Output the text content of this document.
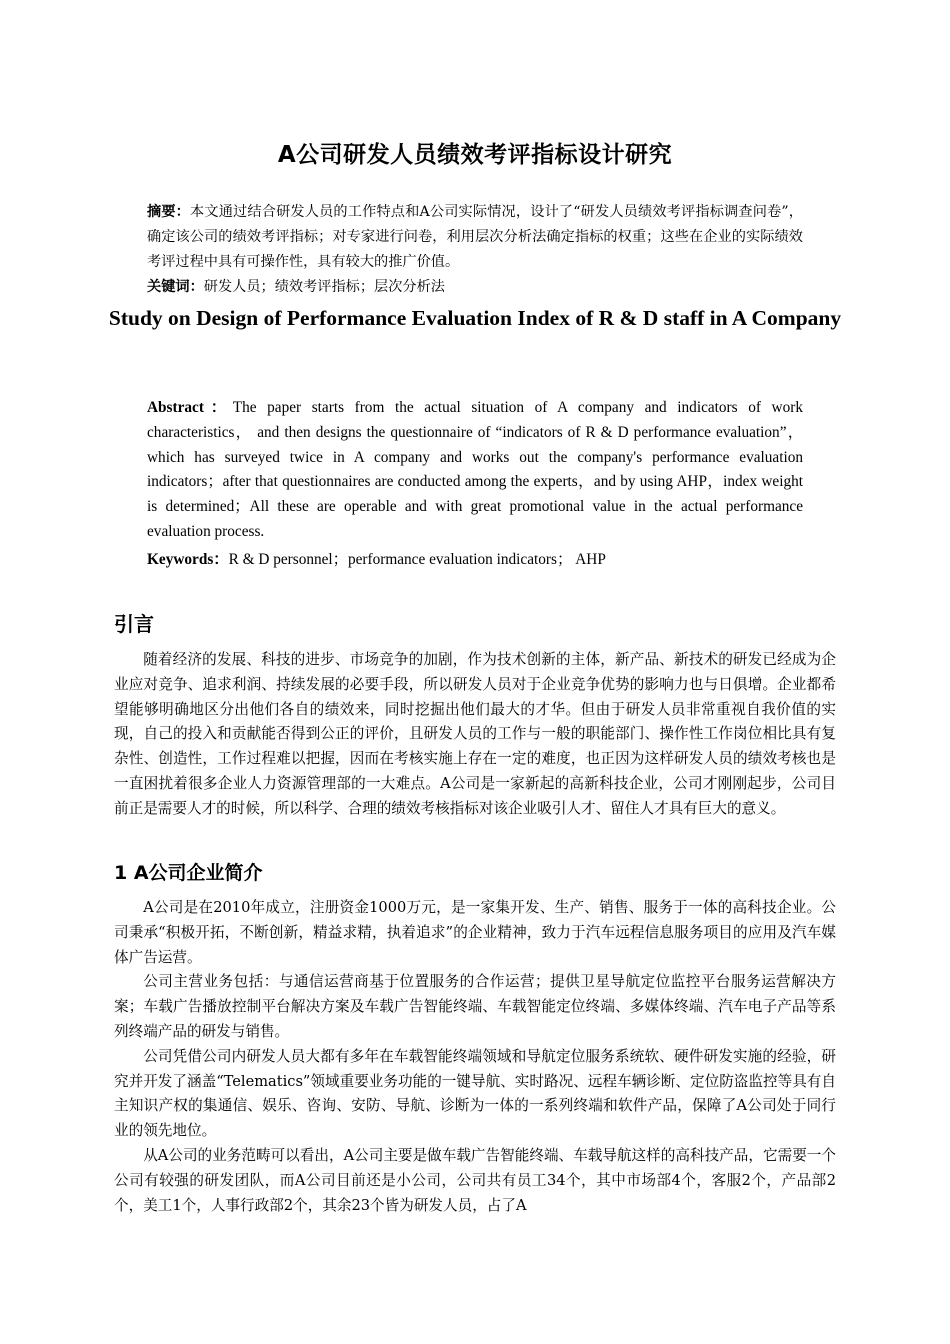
A公司研发人员绩效考评指标设计研究
摘要：本文通过结合研发人员的工作特点和A公司实际情况，设计了“研发人员绩效考评指标调查问卷”，确定该公司的绩效考评指标；对专家进行问卷，利用层次分析法确定指标的权重；这些在企业的实际绩效考评过程中具有可操作性，具有较大的推广价值。
关键词：研发人员；绩效考评指标；层次分析法
Study on Design of Performance Evaluation Index of R & D staff in A Company
Abstract：The paper starts from the actual situation of A company and indicators of work characteristics， and then designs the questionnaire of “indicators of R & D performance evaluation”，which has surveyed twice in A company and works out the company's performance evaluation indicators；after that questionnaires are conducted among the experts，and by using AHP，index weight is determined；All these are operable and with great promotional value in the actual performance evaluation process.
Keywords：R & D personnel；performance evaluation indicators； AHP
引言

随着经济的发展、科技的进步、市场竞争的加剧，作为技术创新的主体，新产品、新技术的研发已经成为企业应对竞争、追求利润、持续发展的必要手段，所以研发人员对于企业竞争优势的影响力也与日俱增。企业都希望能够明确地区分出他们各自的绩效来，同时挖掘出他们最大的才华。但由于研发人员非常重视自我价值的实现，自己的投入和贡献能否得到公正的评价，且研发人员的工作与一般的职能部门、操作性工作岗位相比具有复杂性、创造性，工作过程难以把握，因而在考核实施上存在一定的难度，也正因为这样研发人员的绩效考核也是一直困扰着很多企业人力资源管理部的一大难点。A公司是一家新起的高新科技企业，公司才刚刚起步，公司目前正是需要人才的时候，所以科学、合理的绩效考核指标对该企业吸引人才、留住人才具有巨大的意义。

1 A公司企业简介

A公司是在2010年成立，注册资金1000万元，是一家集开发、生产、销售、服务于一体的高科技企业。公司秉承“积极开拓，不断创新，精益求精，执着追求”的企业精神，致力于汽车远程信息服务项目的应用及汽车媒体广告运营。

公司主营业务包括：与通信运营商基于位置服务的合作运营；提供卫星导航定位监控平台服务运营解决方案；车载广告播放控制平台解决方案及车载广告智能终端、车载智能定位终端、多媒体终端、汽车电子产品等系列终端产品的研发与销售。

公司凭借公司内研发人员大都有多年在车载智能终端领域和导航定位服务系统软、硬件研发实施的经验，研究并开发了涵盖“Telematics”领域重要业务功能的一键导航、实时路况、远程车辆诊断、定位防盗监控等具有自主知识产权的集通信、娱乐、咨询、安防、导航、诊断为一体的一系列终端和软件产品，保障了A公司处于同行业的领先地位。

从A公司的业务范畴可以看出，A公司主要是做车载广告智能终端、车载导航这样的高科技产品，它需要一个公司有较强的研发团队，而A公司目前还是小公司，公司共有员工34个，其中市场部4个，客服2个，产品部2个，美工1个，人事行政部2个，其余23个皆为研发人员，占了A
